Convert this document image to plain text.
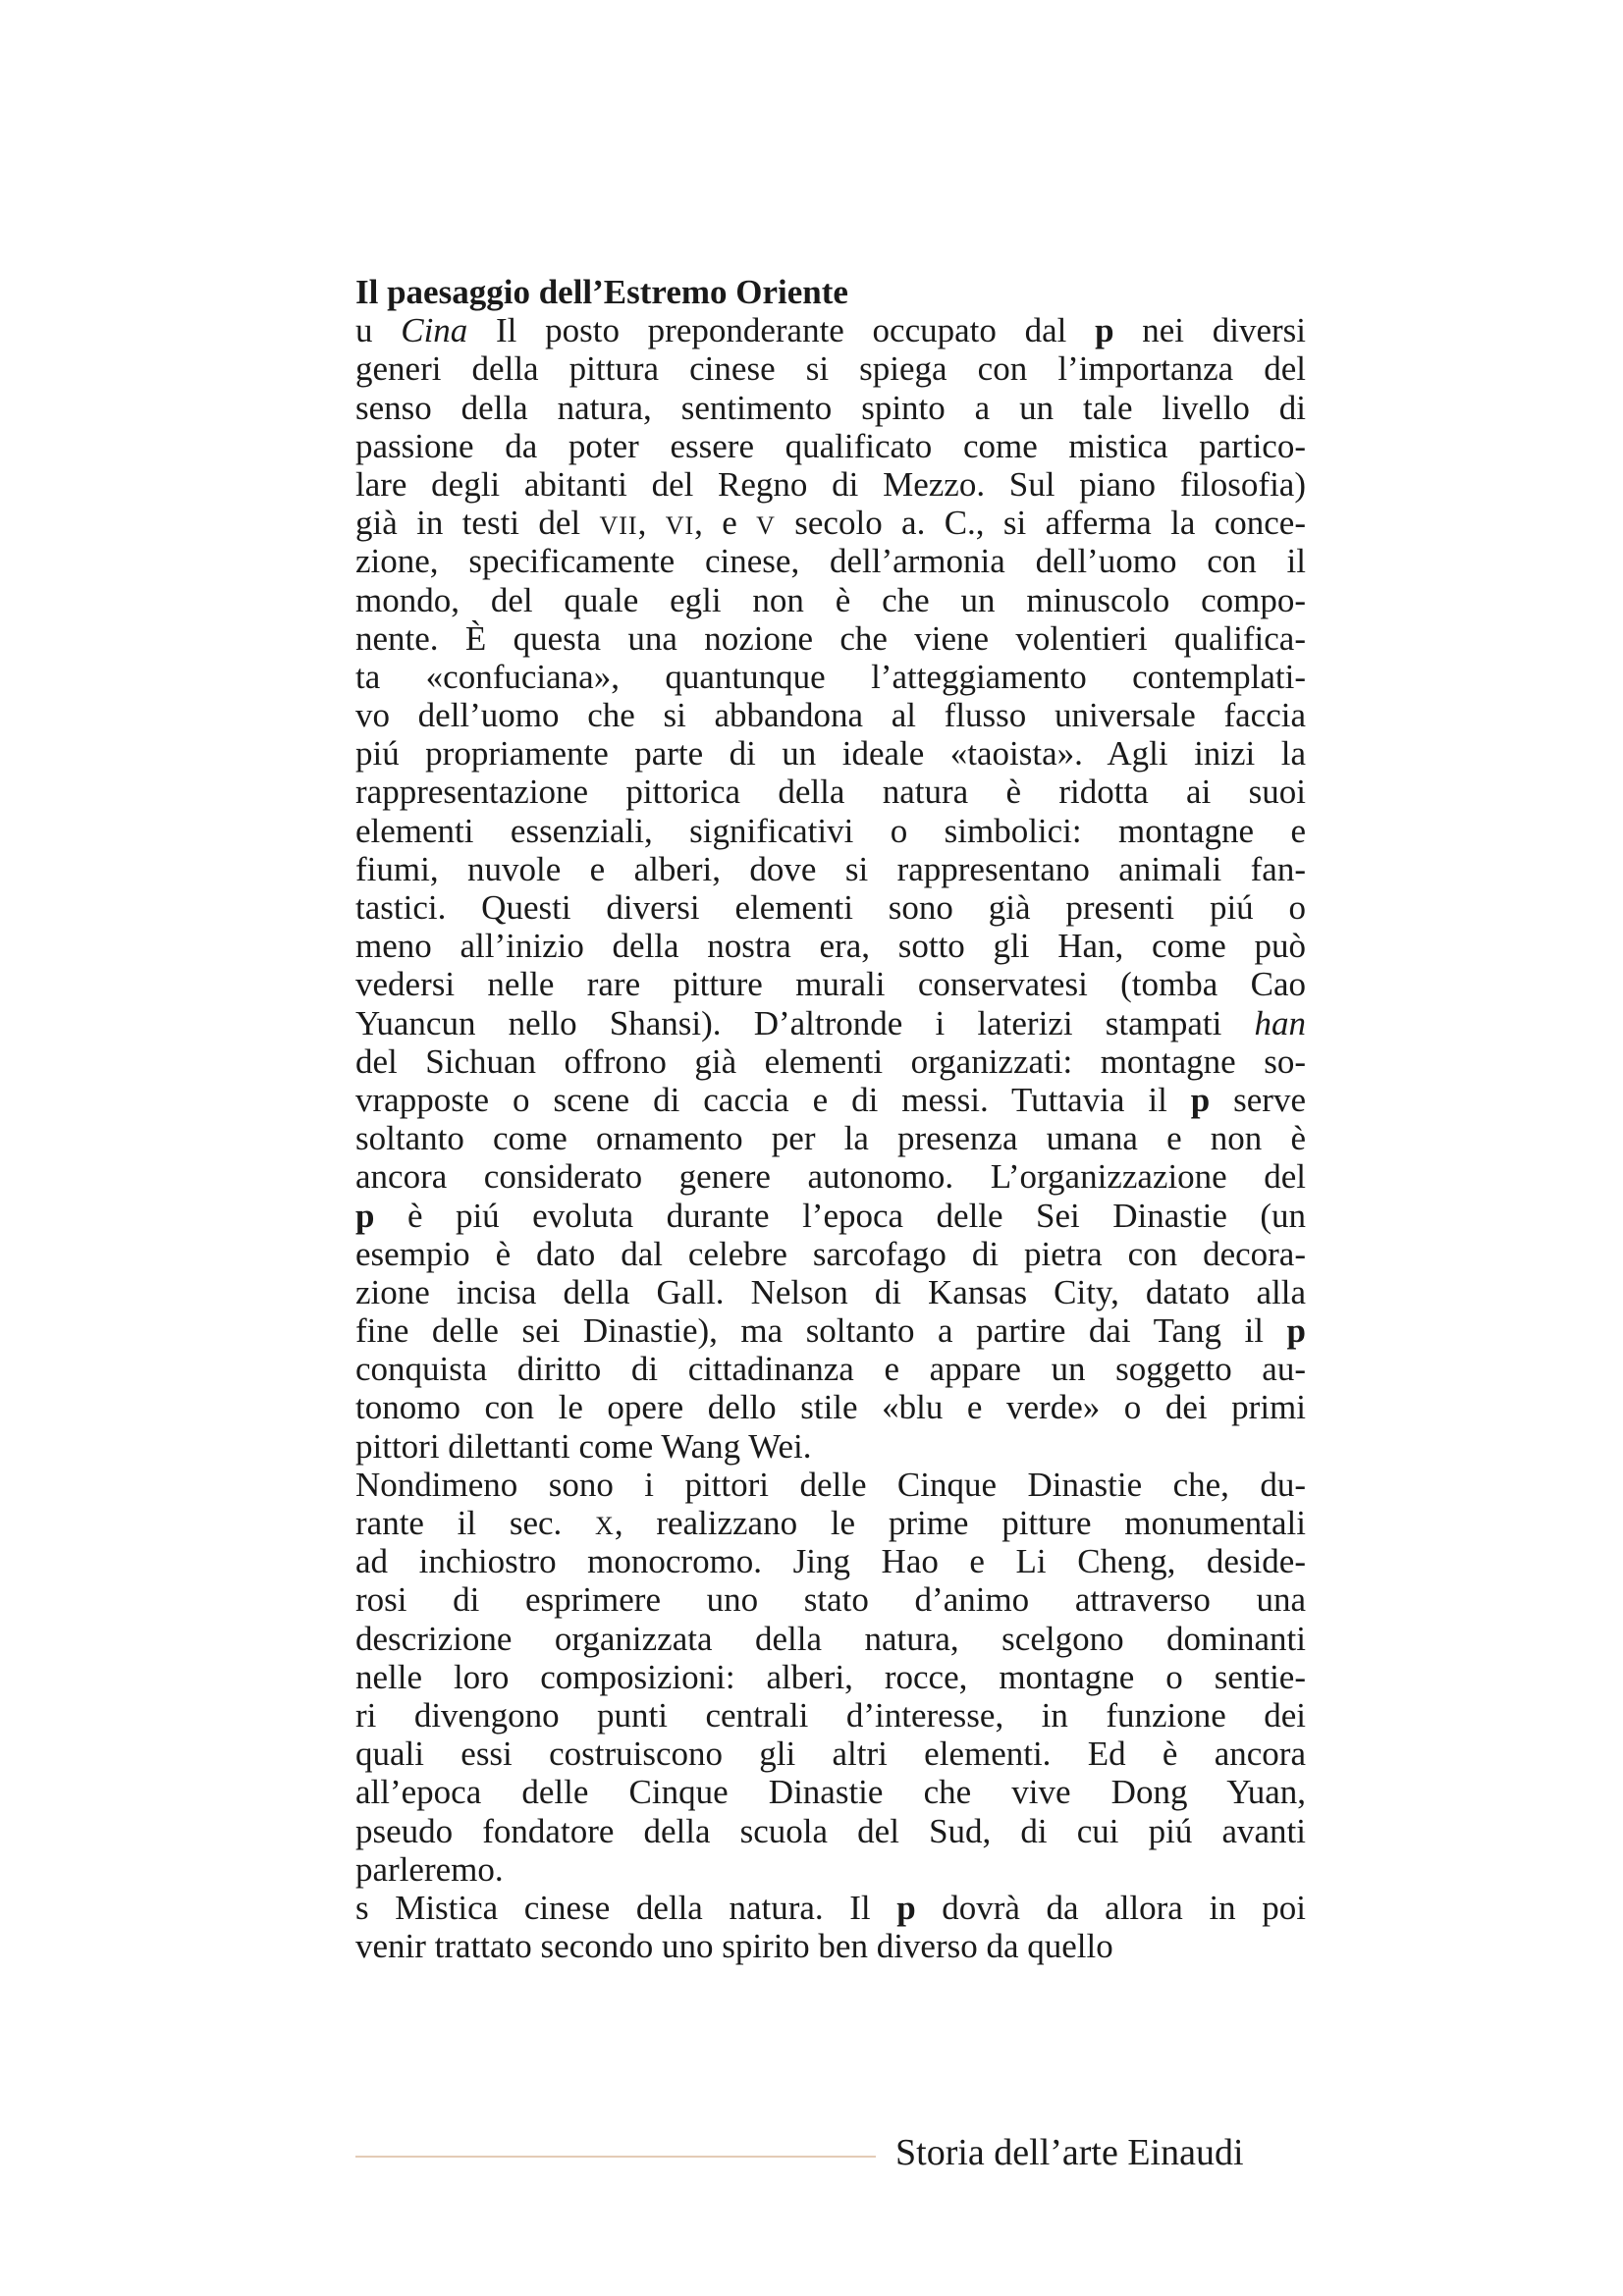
Il paesaggio dell’Estremo Oriente
u Cina Il posto preponderante occupato dal p nei diversi
generi della pittura cinese si spiega con l’importanza del
senso della natura, sentimento spinto a un tale livello di
passione da poter essere qualificato come mistica partico-
lare degli abitanti del Regno di Mezzo. Sul piano filosofia)
già in testi del VII, VI, e V secolo a. C., si afferma la conce-
zione, specificamente cinese, dell’armonia dell’uomo con il
mondo, del quale egli non è che un minuscolo compo-
nente. È questa una nozione che viene volentieri qualifica-
ta «confuciana», quantunque l’atteggiamento contemplati-
vo dell’uomo che si abbandona al flusso universale faccia
piú propriamente parte di un ideale «taoista». Agli inizi la
rappresentazione pittorica della natura è ridotta ai suoi
elementi essenziali, significativi o simbolici: montagne e
fiumi, nuvole e alberi, dove si rappresentano animali fan-
tastici. Questi diversi elementi sono già presenti piú o
meno all’inizio della nostra era, sotto gli Han, come può
vedersi nelle rare pitture murali conservatesi (tomba Cao
Yuancun nello Shansi). D’altronde i laterizi stampati han
del Sichuan offrono già elementi organizzati: montagne so-
vrapposte o scene di caccia e di messi. Tuttavia il p serve
soltanto come ornamento per la presenza umana e non è
ancora considerato genere autonomo. L’organizzazione del
p è piú evoluta durante l’epoca delle Sei Dinastie (un
esempio è dato dal celebre sarcofago di pietra con decora-
zione incisa della Gall. Nelson di Kansas City, datato alla
fine delle sei Dinastie), ma soltanto a partire dai Tang il p
conquista diritto di cittadinanza e appare un soggetto au-
tonomo con le opere dello stile «blu e verde» o dei primi
pittori dilettanti come Wang Wei.
Nondimeno sono i pittori delle Cinque Dinastie che, du-
rante il sec. X, realizzano le prime pitture monumentali
ad inchiostro monocromo. Jing Hao e Li Cheng, deside-
rosi di esprimere uno stato d’animo attraverso una
descrizione organizzata della natura, scelgono dominanti
nelle loro composizioni: alberi, rocce, montagne o sentie-
ri divengono punti centrali d’interesse, in funzione dei
quali essi costruiscono gli altri elementi. Ed è ancora
all’epoca delle Cinque Dinastie che vive Dong Yuan,
pseudo fondatore della scuola del Sud, di cui piú avanti
parleremo.
s Mistica cinese della natura. Il p dovrà da allora in poi
venir trattato secondo uno spirito ben diverso da quello
Storia dell’arte Einaudi
